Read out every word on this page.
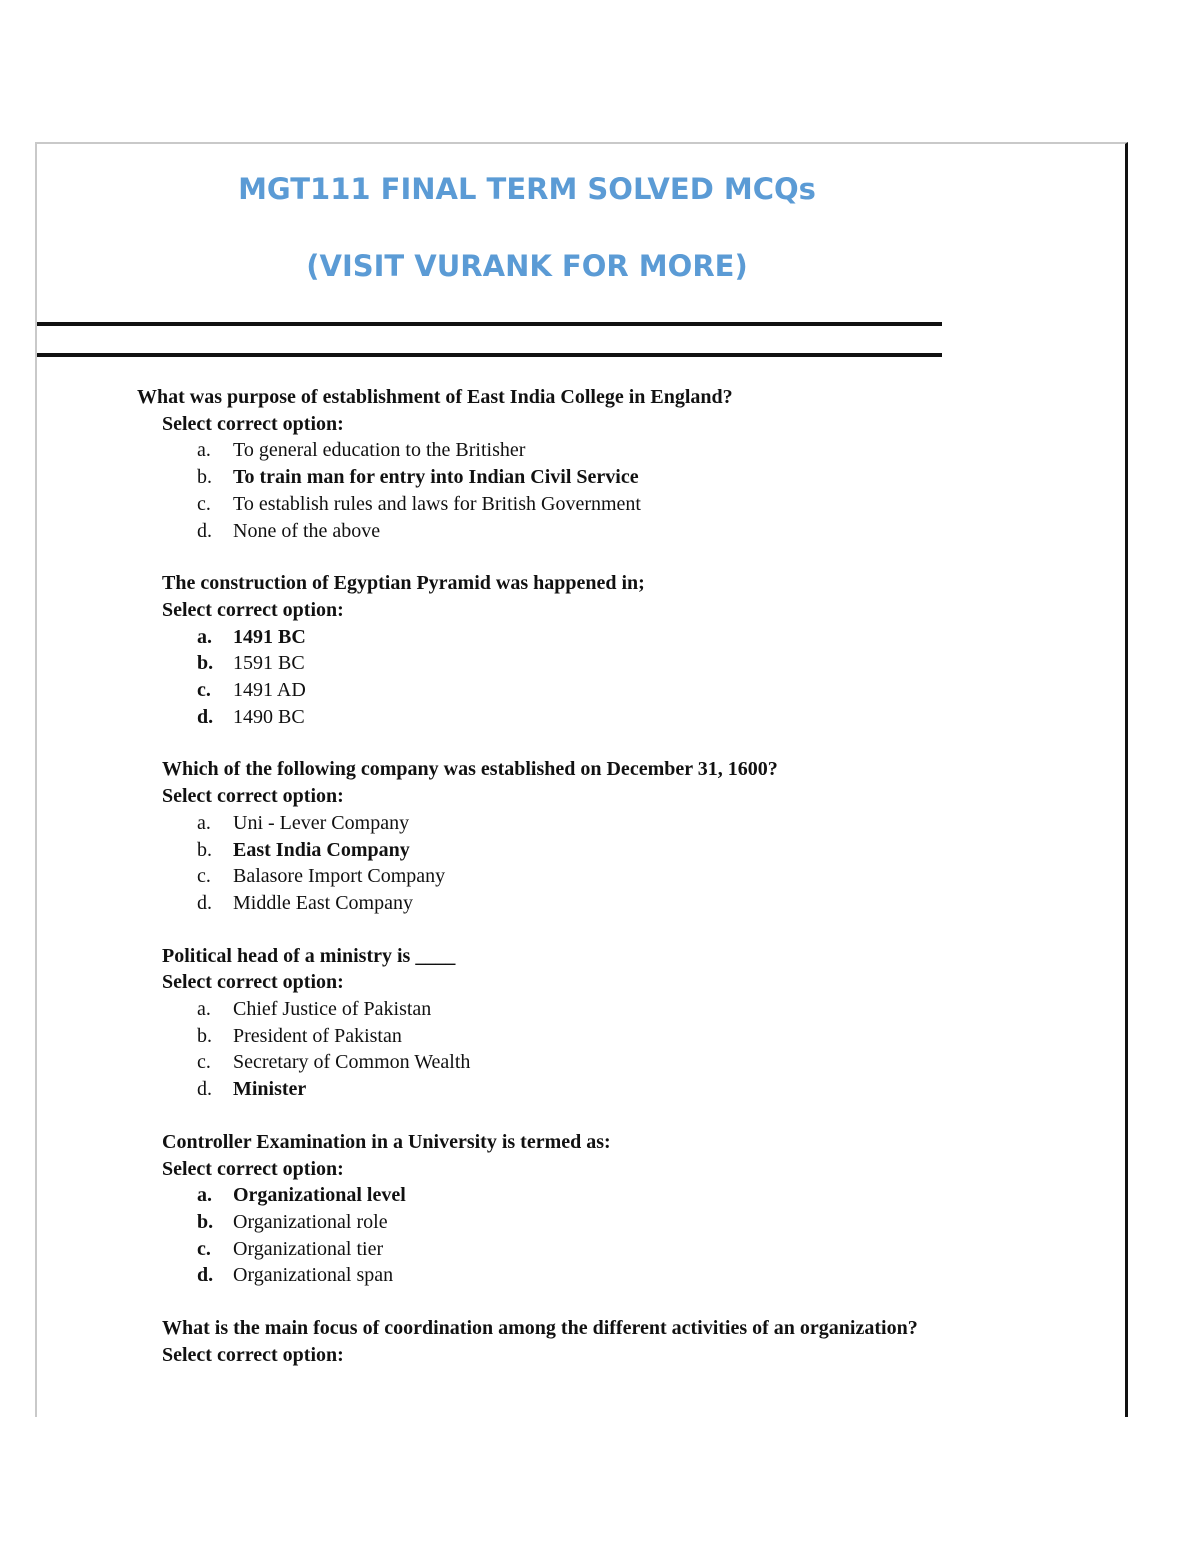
MGT111 FINAL TERM SOLVED MCQs
(VISIT VURANK FOR MORE)

What was purpose of establishment of East India College in England?

Select correct option:

a.	To general education to the Britisher
b.	To train man for entry into Indian Civil Service
c.	To establish rules and laws for British Government
d.	None of the above

The construction of Egyptian Pyramid was happened in;

Select correct option:

a.	1491 BC
b. 1591 BC
c.	1491 AD
d. 1490 BC

Which of the following company was established on December 31, 1600?

Select correct option:

a.	Uni - Lever Company
b.	East India Company
c.	Balasore Import Company
d.	Middle East Company

Political head of a ministry is ____

Select correct option:

a.	Chief Justice of Pakistan
b.	President of Pakistan
c.	Secretary of Common Wealth
d.	Minister

Controller Examination in a University is termed as:

Select correct option:

a.	Organizational level
b. Organizational role
c.	Organizational tier
d. Organizational span

What is the main focus of coordination among the different activities of an organization?

Select correct option:
